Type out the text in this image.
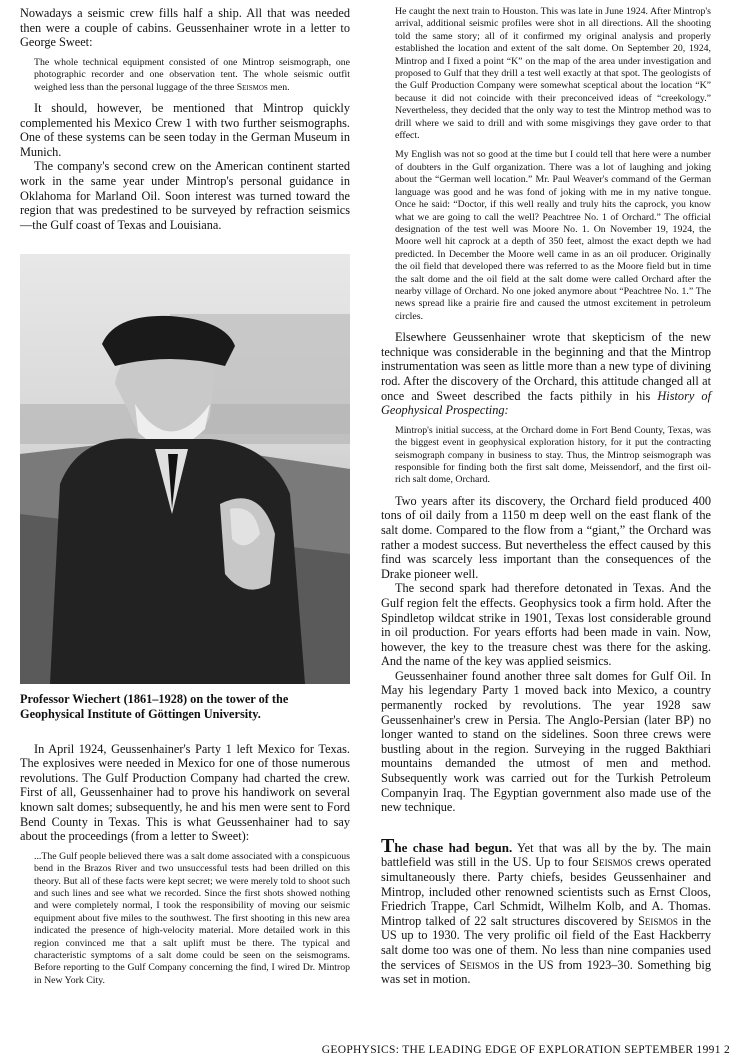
Nowadays a seismic crew fills half a ship. All that was needed then were a couple of cabins. Geussenhainer wrote in a letter to George Sweet:

The whole technical equipment consisted of one Mintrop seismograph, one photographic recorder and one observation tent. The whole seismic outfit weighed less than the personal luggage of the three Seismos men.

It should, however, be mentioned that Mintrop quickly complemented his Mexico Crew 1 with two further seismographs. One of these systems can be seen today in the German Museum in Munich.

The company's second crew on the American continent started work in the same year under Mintrop's personal guidance in Oklahoma for Marland Oil. Soon interest was turned toward the region that was predestined to be surveyed by refraction seismics—the Gulf coast of Texas and Louisiana.

Professor Wiechert (1861–1928) on the tower of the Geophysical Institute of Göttingen University.

In April 1924, Geussenhainer's Party 1 left Mexico for Texas. The explosives were needed in Mexico for one of those numerous revolutions. The Gulf Production Company had charted the crew. First of all, Geussenhainer had to prove his handiwork on several known salt domes; subsequently, he and his men were sent to Ford Bend County in Texas. This is what Geussenhainer had to say about the proceedings (from a letter to Sweet):

...The Gulf people believed there was a salt dome associated with a conspicuous bend in the Brazos River and two unsuccessful tests had been drilled on this theory. But all of these facts were kept secret; we were merely told to shoot such and such lines and see what we recorded. Since the first shots showed nothing and were completely normal, I took the responsibility of moving our seismic equipment about five miles to the southwest. The first shooting in this new area indicated the presence of high-velocity material. More detailed work in this region convinced me that a salt uplift must be there. The typical and characteristic symptoms of a salt dome could be seen on the seismograms. Before reporting to the Gulf Company concerning the find, I wired Dr. Mintrop in New York City.

He caught the next train to Houston. This was late in June 1924. After Mintrop's arrival, additional seismic profiles were shot in all directions. All the shooting told the same story; all of it confirmed my original analysis and properly established the location and extent of the salt dome. On September 20, 1924, Mintrop and I fixed a point “K” on the map of the area under investigation and proposed to Gulf that they drill a test well exactly at that spot. The geologists of the Gulf Production Company were somewhat sceptical about the location “K” because it did not coincide with their preconceived ideas of “creekology.” Nevertheless, they decided that the only way to test the Mintrop method was to drill where we said to drill and with some misgivings they gave order to that effect.

My English was not so good at the time but I could tell that here were a number of doubters in the Gulf organization. There was a lot of laughing and joking about the “German well location.” Mr. Paul Weaver's command of the German language was good and he was fond of joking with me in my native tongue. Once he said: “Doctor, if this well really and truly hits the caprock, you know what we are going to call the well? Peachtree No. 1 of Orchard.” The official designation of the test well was Moore No. 1. On November 19, 1924, the Moore well hit caprock at a depth of 350 feet, almost the exact depth we had predicted. In December the Moore well came in as an oil producer. Originally the oil field that developed there was referred to as the Moore field but in time the salt dome and the oil field at the salt dome were called Orchard after the nearby village of Orchard. No one joked anymore about “Peachtree No. 1.” The news spread like a prairie fire and caused the utmost excitement in petroleum circles.

Elsewhere Geussenhainer wrote that skepticism of the new technique was considerable in the beginning and that the Mintrop instrumentation was seen as little more than a new type of divining rod. After the discovery of the Orchard, this attitude changed all at once and Sweet described the facts pithily in his History of Geophysical Prospecting:

Mintrop's initial success, at the Orchard dome in Fort Bend County, Texas, was the biggest event in geophysical exploration history, for it put the contracting seismograph company in business to stay. Thus, the Mintrop seismograph was responsible for finding both the first salt dome, Meissendorf, and the first oil-rich salt dome, Orchard.

Two years after its discovery, the Orchard field produced 400 tons of oil daily from a 1150 m deep well on the east flank of the salt dome. Compared to the flow from a “giant,” the Orchard was rather a modest success. But nevertheless the effect caused by this find was scarcely less important than the consequences of the Drake pioneer well.

The second spark had therefore detonated in Texas. And the Gulf region felt the effects. Geophysics took a firm hold. After the Spindletop wildcat strike in 1901, Texas lost considerable ground in oil production. For years efforts had been made in vain. Now, however, the key to the treasure chest was there for the asking. And the name of the key was applied seismics.

Geussenhainer found another three salt domes for Gulf Oil. In May his legendary Party 1 moved back into Mexico, a country permanently rocked by revolutions. The year 1928 saw Geussenhainer's crew in Persia. The Anglo-Persian (later BP) no longer wanted to stand on the sidelines. Soon three crews were bustling about in the region. Surveying in the rugged Bakthiari mountains demanded the utmost of men and method. Subsequently work was carried out for the Turkish Petroleum Companyin Iraq. The Egyptian government also made use of the new technique.

The chase had begun. Yet that was all by the by. The main battlefield was still in the US. Up to four Seismos crews operated simultaneously there. Party chiefs, besides Geussenhainer and Mintrop, included other renowned scientists such as Ernst Cloos, Friedrich Trappe, Carl Schmidt, Wilhelm Kolb, and A. Thomas. Mintrop talked of 22 salt structures discovered by Seismos in the US up to 1930. The very prolific oil field of the East Hackberry salt dome too was one of them. No less than nine companies used the services of Seismos in the US from 1923–30. Something big was set in motion.

GEOPHYSICS: THE LEADING EDGE OF EXPLORATION SEPTEMBER 1991 2
